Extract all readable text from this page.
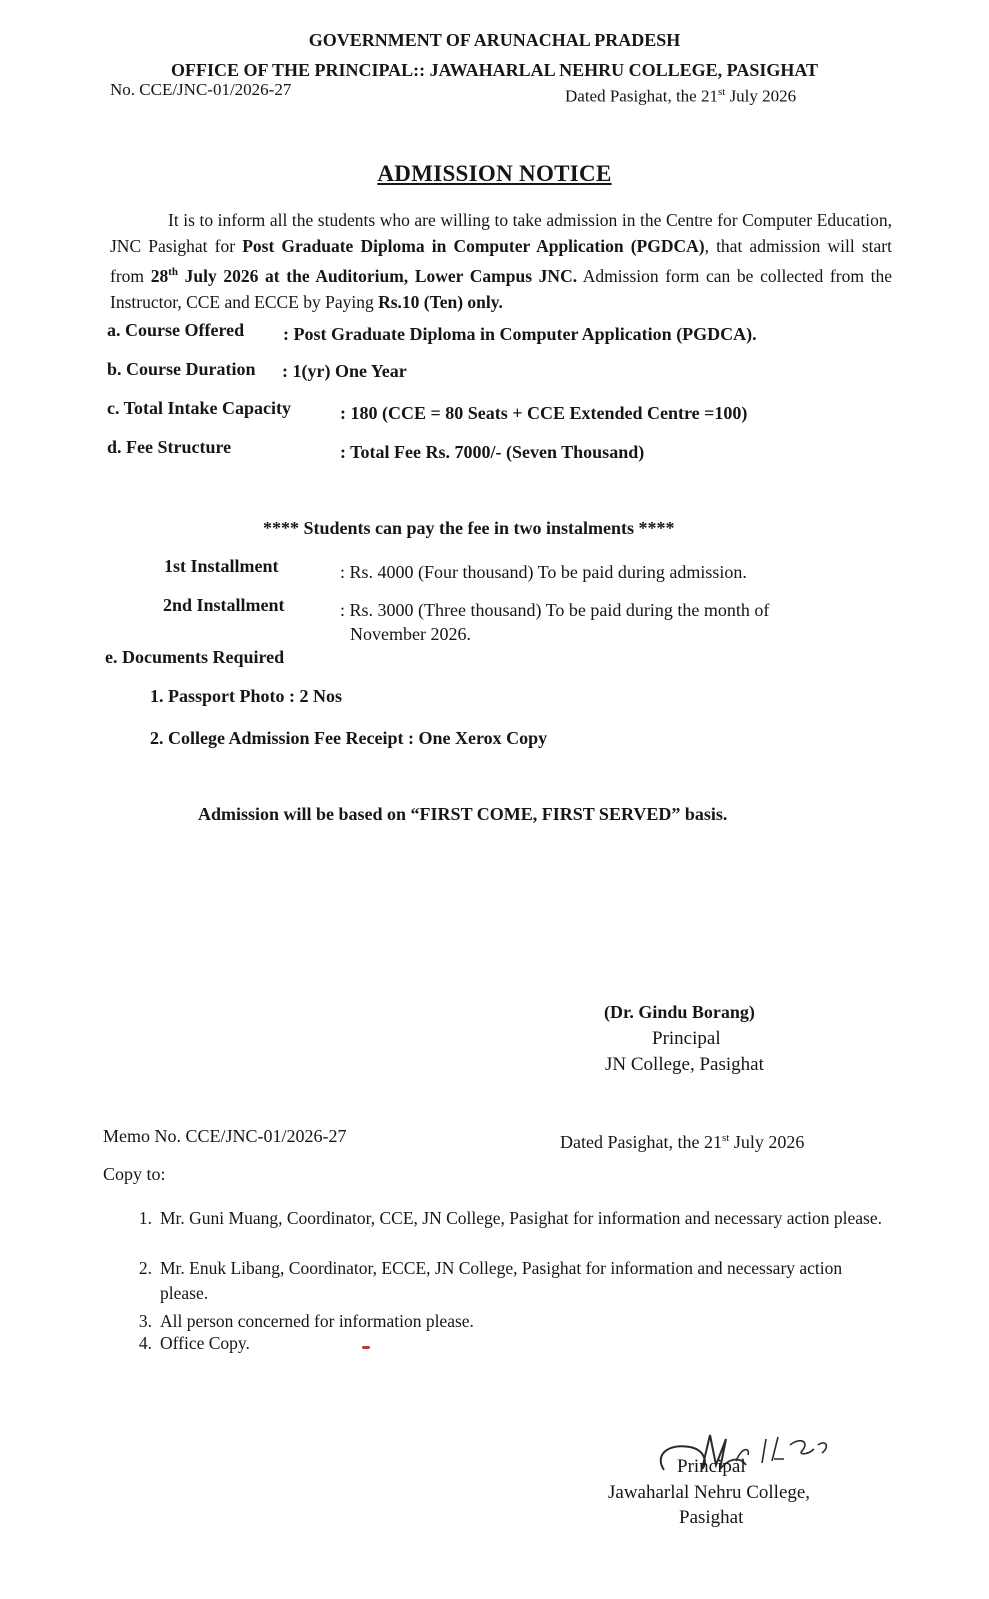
GOVERNMENT OF ARUNACHAL PRADESH
OFFICE OF THE PRINCIPAL:: JAWAHARLAL NEHRU COLLEGE, PASIGHAT
No. CCE/JNC-01/2026-27	Dated Pasighat, the 21st July 2026
ADMISSION NOTICE

It is to inform all the students who are willing to take admission in the Centre for Computer Education, JNC Pasighat for Post Graduate Diploma in Computer Application (PGDCA), that admission will start from 28th July 2026 at the Auditorium, Lower Campus JNC. Admission form can be collected from the Instructor, CCE and ECCE by Paying Rs.10 (Ten) only.

a. Course Offered : Post Graduate Diploma in Computer Application (PGDCA).
b. Course Duration : 1(yr) One Year
c. Total Intake Capacity	: 180 (CCE = 80 Seats + CCE Extended Centre =100)
d. Fee Structure	: Total Fee Rs. 7000/- (Seven Thousand)
**** Students can pay the fee in two instalments ****
1st Installment	: Rs. 4000 (Four thousand) To be paid during admission.
2nd Installment	: Rs. 3000 (Three thousand) To be paid during the month of
November 2026.
e. Documents Required
1. Passport Photo : 2 Nos
2. College Admission Fee Receipt : One Xerox Copy
Admission will be based on “FIRST COME, FIRST SERVED” basis.
(Dr. Gindu Borang)
Principal
JN College, Pasighat
Memo No. CCE/JNC-01/2026-27	Dated Pasighat, the 21st July 2026
Copy to:
1. Mr. Guni Muang, Coordinator, CCE, JN College, Pasighat for information and necessary action please.
2. Mr. Enuk Libang, Coordinator, ECCE, JN College, Pasighat for information and necessary action please.
3. All person concerned for information please.
4. Office Copy.
Principal
Jawaharlal Nehru College,
Pasighat
